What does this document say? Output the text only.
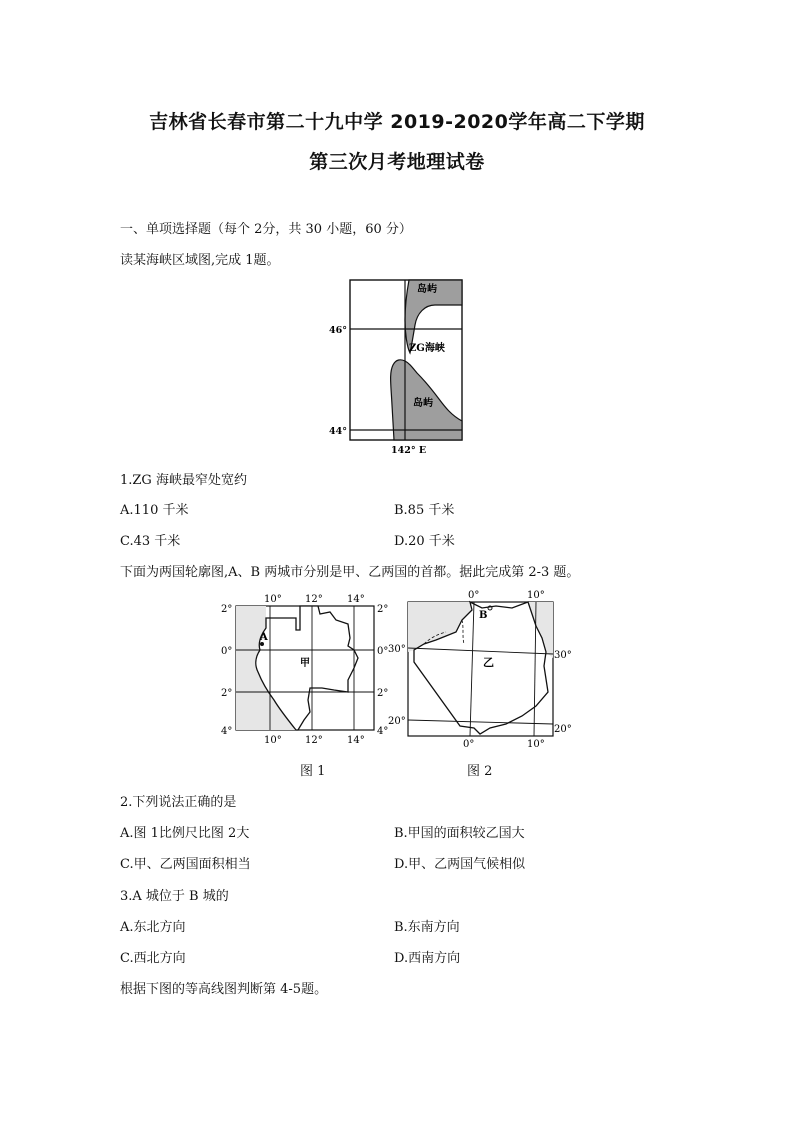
吉林省长春市第二十九中学 2019-2020学年高二下学期
第三次月考地理试卷
一、单项选择题（每个 2分，共 30 小题，60 分）
读某海峡区域图,完成 1题。
岛屿
ZG海峡
岛屿
46°
44°
142° E
1.ZG 海峡最窄处宽约
A.110 千米	B.85 千米
C.43 千米	D.20 千米
下面为两国轮廓图,A、B 两城市分别是甲、乙两国的首都。据此完成第 2-3 题。
A
甲
10° 12° 14°
10° 12° 14°
2°
0°
2°
4°
2°
0°
2°
4°
B
乙
0°	10°
0°	10°
30°
20°
30°
20°
图 1	图 2
2.下列说法正确的是
A.图 1比例尺比图 2大	B.甲国的面积较乙国大
C.甲、乙两国面积相当	D.甲、乙两国气候相似
3.A 城位于 B 城的
A.东北方向	B.东南方向
C.西北方向	D.西南方向
根据下图的等高线图判断第 4-5题。
